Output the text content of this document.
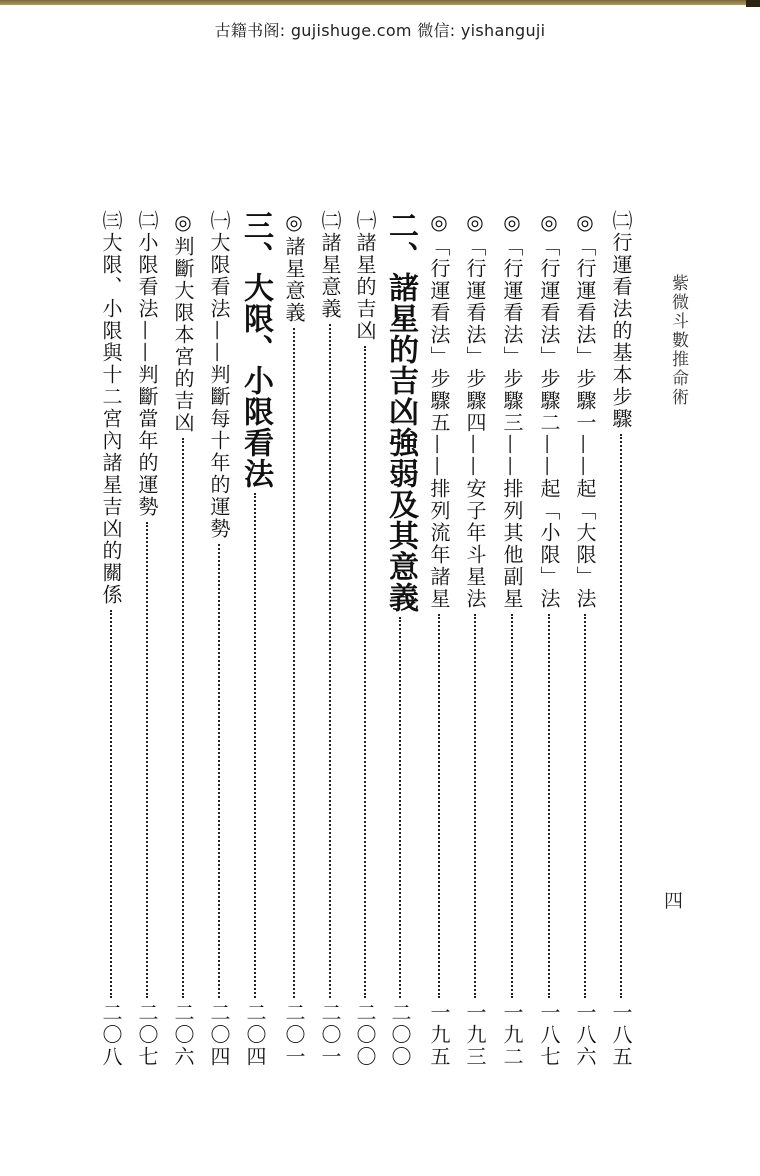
古籍书阁: gujishuge.com 微信: yishanguji
紫微斗數推命術
㈡行運看法的基本步驟
一八五
◎「行運看法」步驟一——起「大限」法
一八六
◎「行運看法」步驟二——起「小限」法
一八七
◎「行運看法」步驟三——排列其他副星
一九二
◎「行運看法」步驟四——安子年斗星法
一九三
◎「行運看法」步驟五——排列流年諸星
一九五
二、諸星的吉凶強弱及其意義
二〇〇
㈠諸星的吉凶
二〇〇
㈡諸星意義
二〇一
◎諸星意義
二〇一
三、大限、小限看法
二〇四
㈠大限看法——判斷每十年的運勢
二〇四
◎判斷大限本宮的吉凶
二〇六
㈡小限看法——判斷當年的運勢
二〇七
㈢大限、小限與十二宮內諸星吉凶的關係
二〇八
四
